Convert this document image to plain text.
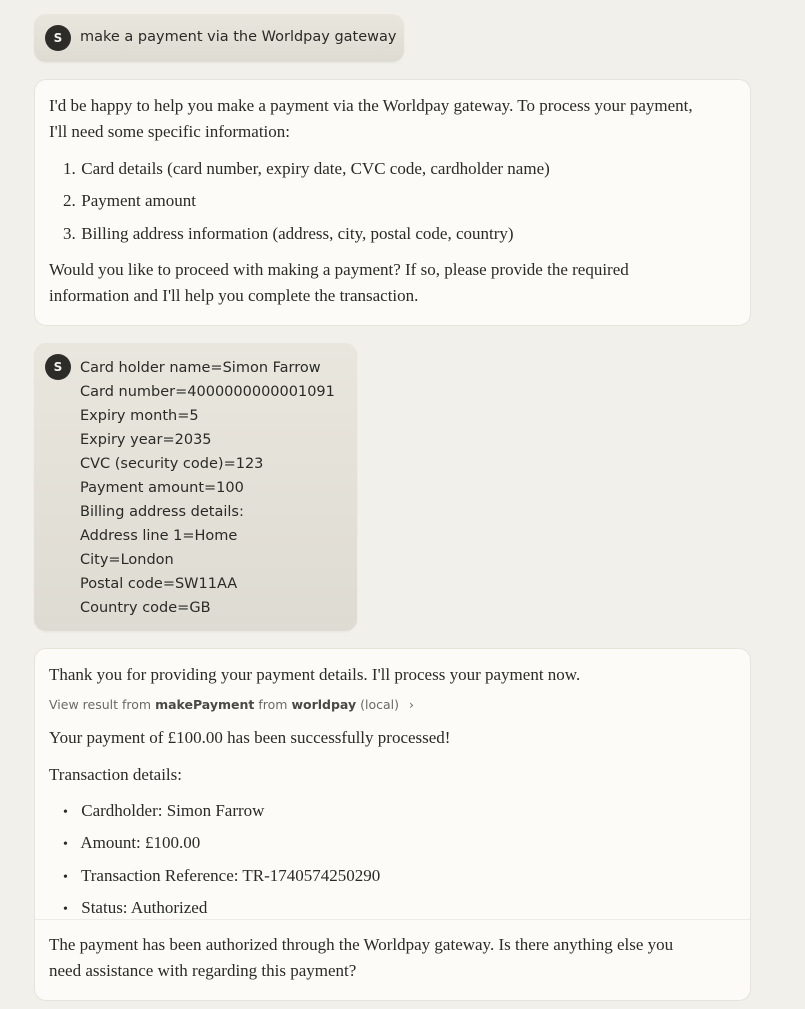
S	make a payment via the Worldpay gateway

I'd be happy to help you make a payment via the Worldpay gateway. To process your payment, I'll need some specific information:

1. Card details (card number, expiry date, CVC code, cardholder name)
2. Payment amount
3. Billing address information (address, city, postal code, country)

Would you like to proceed with making a payment? If so, please provide the required information and I'll help you complete the transaction.

S	Card holder name=Simon Farrow
Card number=4000000000001091
Expiry month=5
Expiry year=2035
CVC (security code)=123
Payment amount=100
Billing address details:
Address line 1=Home
City=London
Postal code=SW11AA
Country code=GB

Thank you for providing your payment details. I'll process your payment now.

View result from makePayment from worldpay (local) ›

Your payment of £100.00 has been successfully processed!

Transaction details:

• Cardholder: Simon Farrow
• Amount: £100.00
• Transaction Reference: TR-1740574250290
• Status: Authorized

The payment has been authorized through the Worldpay gateway. Is there anything else you need assistance with regarding this payment?
